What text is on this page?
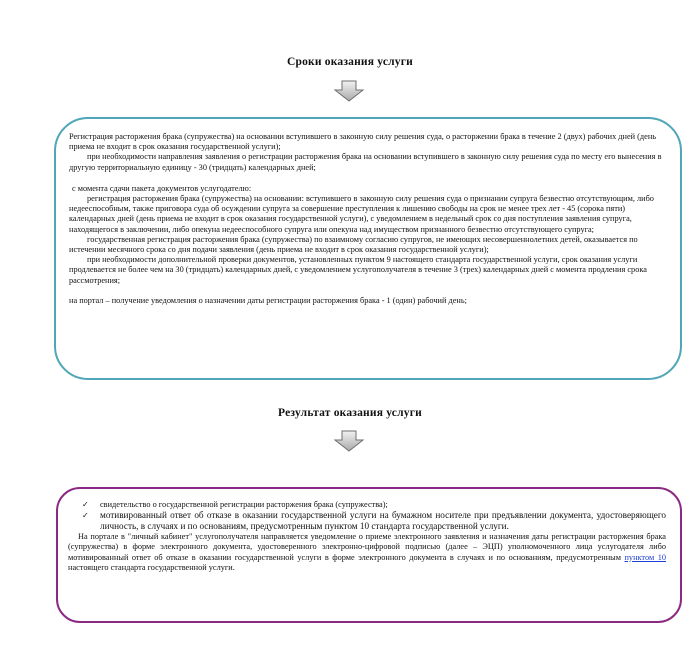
Сроки оказания услуги

Регистрация расторжения брака (супружества) на основании вступившего в законную силу решения суда, о расторжении брака в течение 2 (двух) рабочих дней (день приема не входит в срок оказания государственной услуги);

при необходимости направления заявления о регистрации расторжения брака на основании вступившего в законную силу решения суда по месту его вынесения в другую территориальную единицу - 30 (тридцать) календарных дней;

с момента сдачи пакета документов услугодателю:

регистрация расторжения брака (супружества) на основании: вступившего в законную силу решения суда о признании супруга безвестно отсутствующим, либо недееспособным, также приговора суда об осуждении супруга за совершение преступления к лишению свободы на срок не менее трех лет - 45 (сорока пяти) календарных дней (день приема не входит в срок оказания государственной услуги), с уведомлением в недельный срок со дня поступления заявления супруга, находящегося в заключении, либо опекуна недееспособного супруга или опекуна над имуществом признанного безвестно отсутствующего супруга;

государственная регистрация расторжения брака (супружества) по взаимному согласию супругов, не имеющих несовершеннолетних детей, оказывается по истечении месячного срока со дня подачи заявления (день приема не входит в срок оказания государственной услуги);

при необходимости дополнительной проверки документов, установленных пунктом 9 настоящего стандарта государственной услуги, срок оказания услуги продлевается не более чем на 30 (тридцать) календарных дней, с уведомлением услугополучателя в течение 3 (трех) календарных дней с момента продления срока рассмотрения;

на портал – получение уведомления о назначении даты регистрации расторжения брака - 1 (один) рабочий день;

Результат оказания услуги
✓ свидетельство о государственной регистрации расторжения брака (супружества);
✓ мотивированный ответ об отказе в оказании государственной услуги на бумажном носителе при предъявлении документа, удостоверяющего личность, в случаях и по основаниям, предусмотренным пунктом 10 стандарта государственной услуги.

На портале в "личный кабинет" услугополучателя направляется уведомление о приеме электронного заявления и назначения даты регистрации расторжения брака (супружества) в форме электронного документа, удостоверенного электронно-цифровой подписью (далее – ЭЦП) уполномоченного лица услугодателя либо мотивированный ответ об отказе в оказании государственной услуги в форме электронного документа в случаях и по основаниям, предусмотренным пунктом 10 настоящего стандарта государственной услуги.
